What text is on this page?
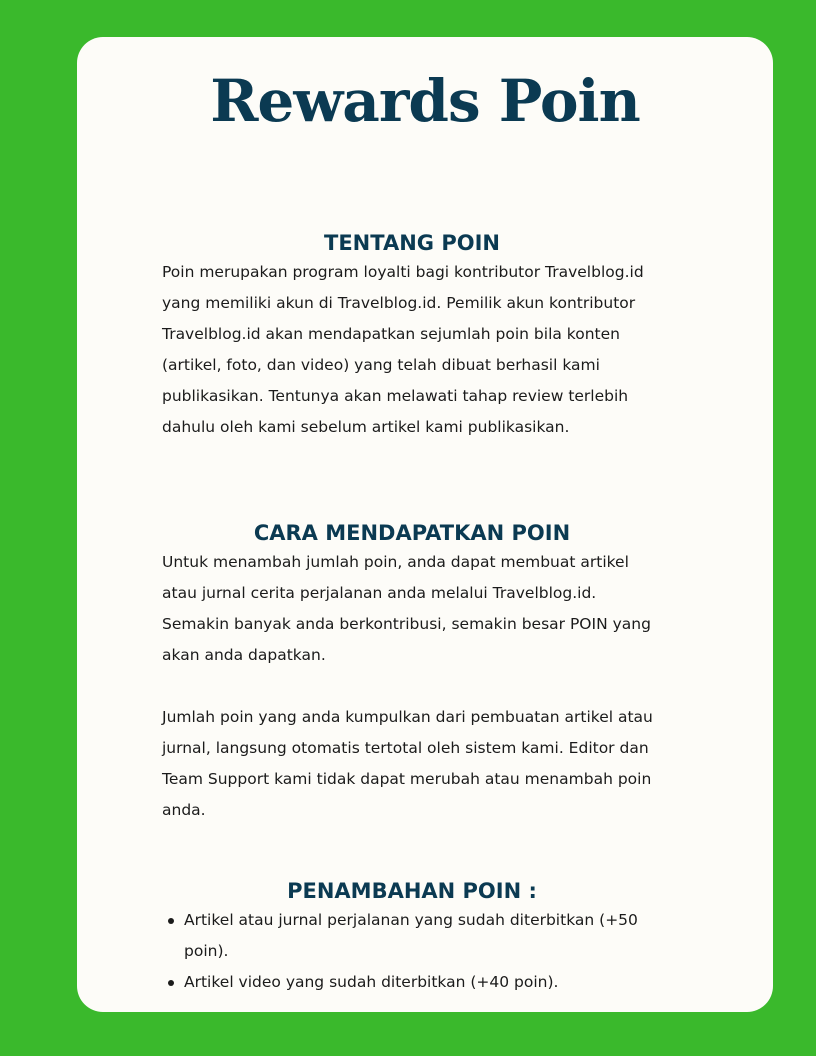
Rewards Poin
TENTANG POIN

Poin merupakan program loyalti bagi kontributor Travelblog.id yang memiliki akun di Travelblog.id. Pemilik akun kontributor Travelblog.id akan mendapatkan sejumlah poin bila konten (artikel, foto, dan video) yang telah dibuat berhasil kami publikasikan. Tentunya akan melawati tahap review terlebih dahulu oleh kami sebelum artikel kami publikasikan.

CARA MENDAPATKAN POIN

Untuk menambah jumlah poin, anda dapat membuat artikel atau jurnal cerita perjalanan anda melalui Travelblog.id. Semakin banyak anda berkontribusi, semakin besar POIN yang akan anda dapatkan.

Jumlah poin yang anda kumpulkan dari pembuatan artikel atau jurnal, langsung otomatis tertotal oleh sistem kami. Editor dan Team Support kami tidak dapat merubah atau menambah poin anda.

PENAMBAHAN POIN :
Artikel atau jurnal perjalanan yang sudah diterbitkan (+50 poin).
Artikel video yang sudah diterbitkan (+40 poin).
